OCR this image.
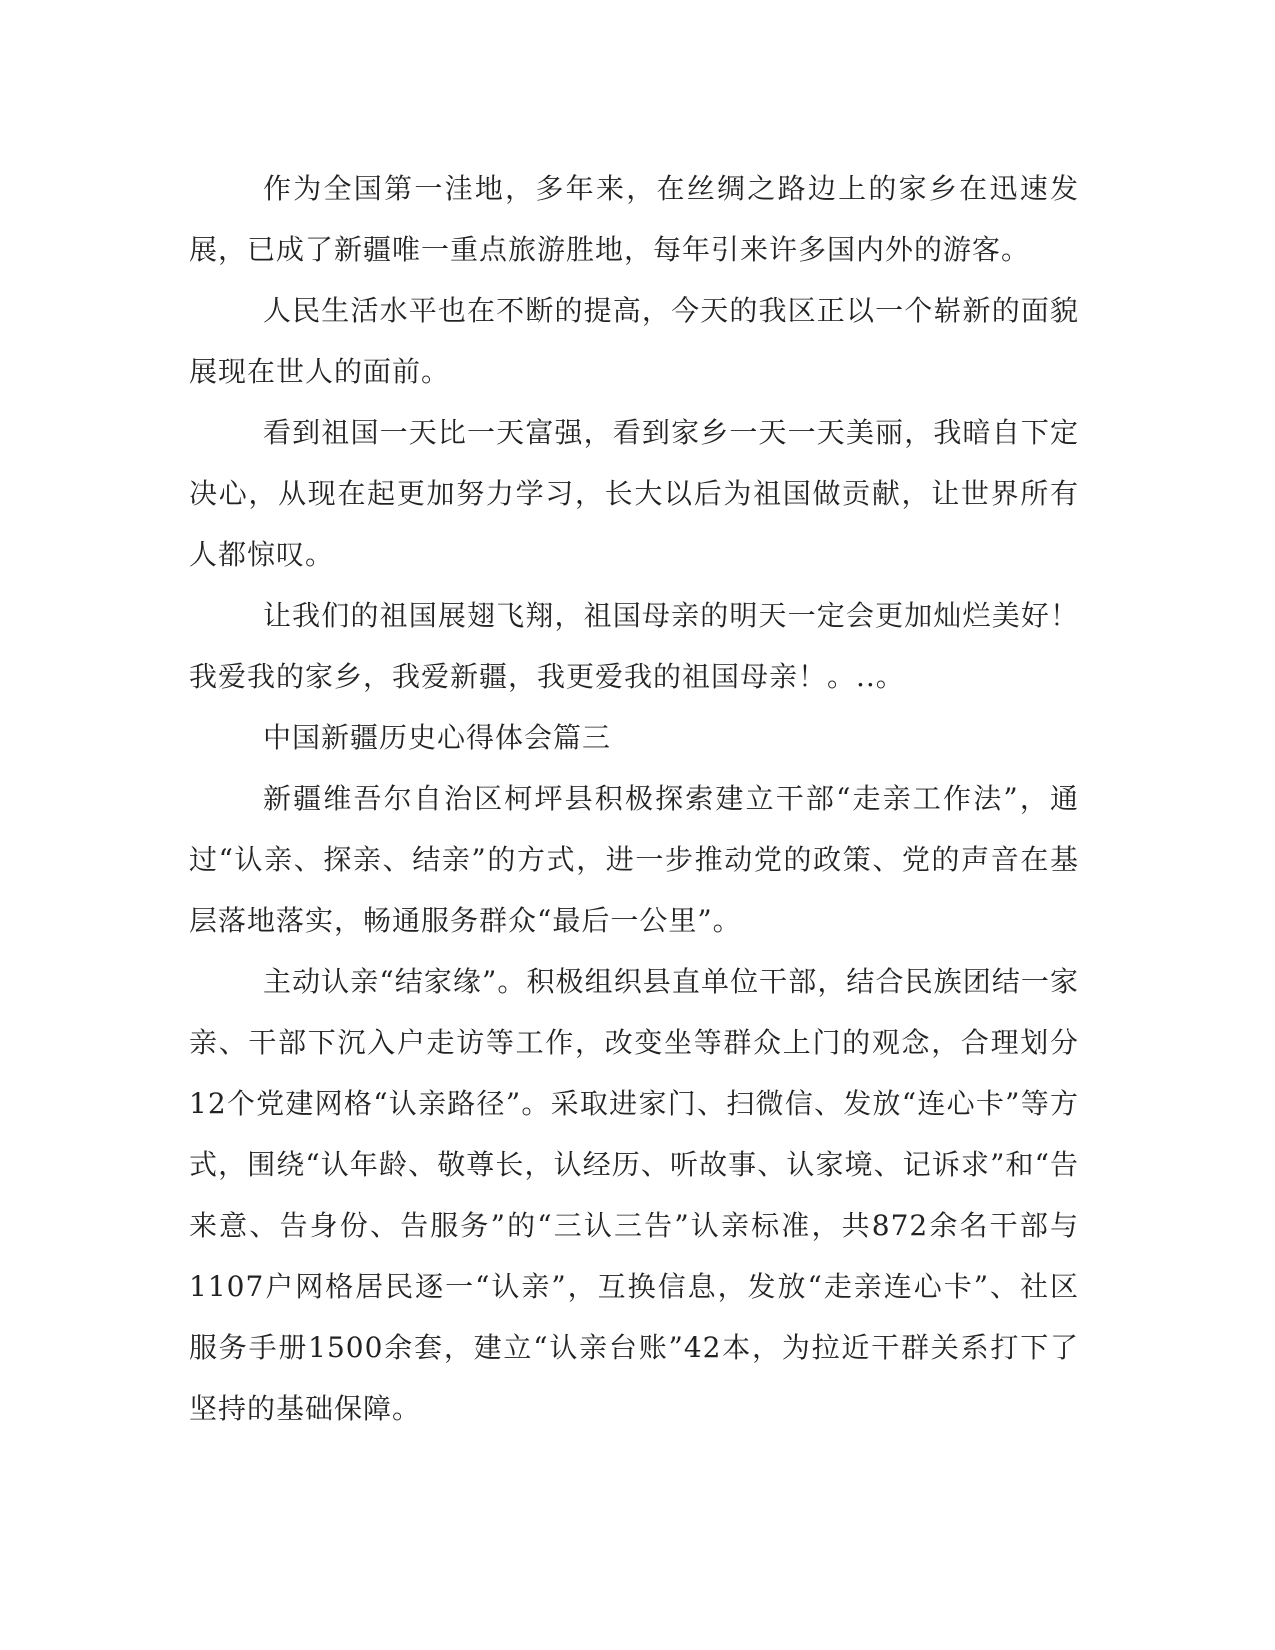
作为全国第一洼地，多年来，在丝绸之路边上的家乡在迅速发展，已成了新疆唯一重点旅游胜地，每年引来许多国内外的游客。

人民生活水平也在不断的提高，今天的我区正以一个崭新的面貌展现在世人的面前。

看到祖国一天比一天富强，看到家乡一天一天美丽，我暗自下定决心，从现在起更加努力学习，长大以后为祖国做贡献，让世界所有人都惊叹。

让我们的祖国展翅飞翔，祖国母亲的明天一定会更加灿烂美好！我爱我的家乡，我爱新疆，我更爱我的祖国母亲！。..。

中国新疆历史心得体会篇三

新疆维吾尔自治区柯坪县积极探索建立干部“走亲工作法”，通过“认亲、探亲、结亲”的方式，进一步推动党的政策、党的声音在基层落地落实，畅通服务群众“最后一公里”。

主动认亲“结家缘”。积极组织县直单位干部，结合民族团结一家亲、干部下沉入户走访等工作，改变坐等群众上门的观念，合理划分12个党建网格“认亲路径”。采取进家门、扫微信、发放“连心卡”等方式，围绕“认年龄、敬尊长，认经历、听故事、认家境、记诉求”和“告来意、告身份、告服务”的“三认三告”认亲标准，共872余名干部与1107户网格居民逐一“认亲”，互换信息，发放“走亲连心卡”、社区服务手册1500余套，建立“认亲台账”42本，为拉近干群关系打下了坚持的基础保障。
